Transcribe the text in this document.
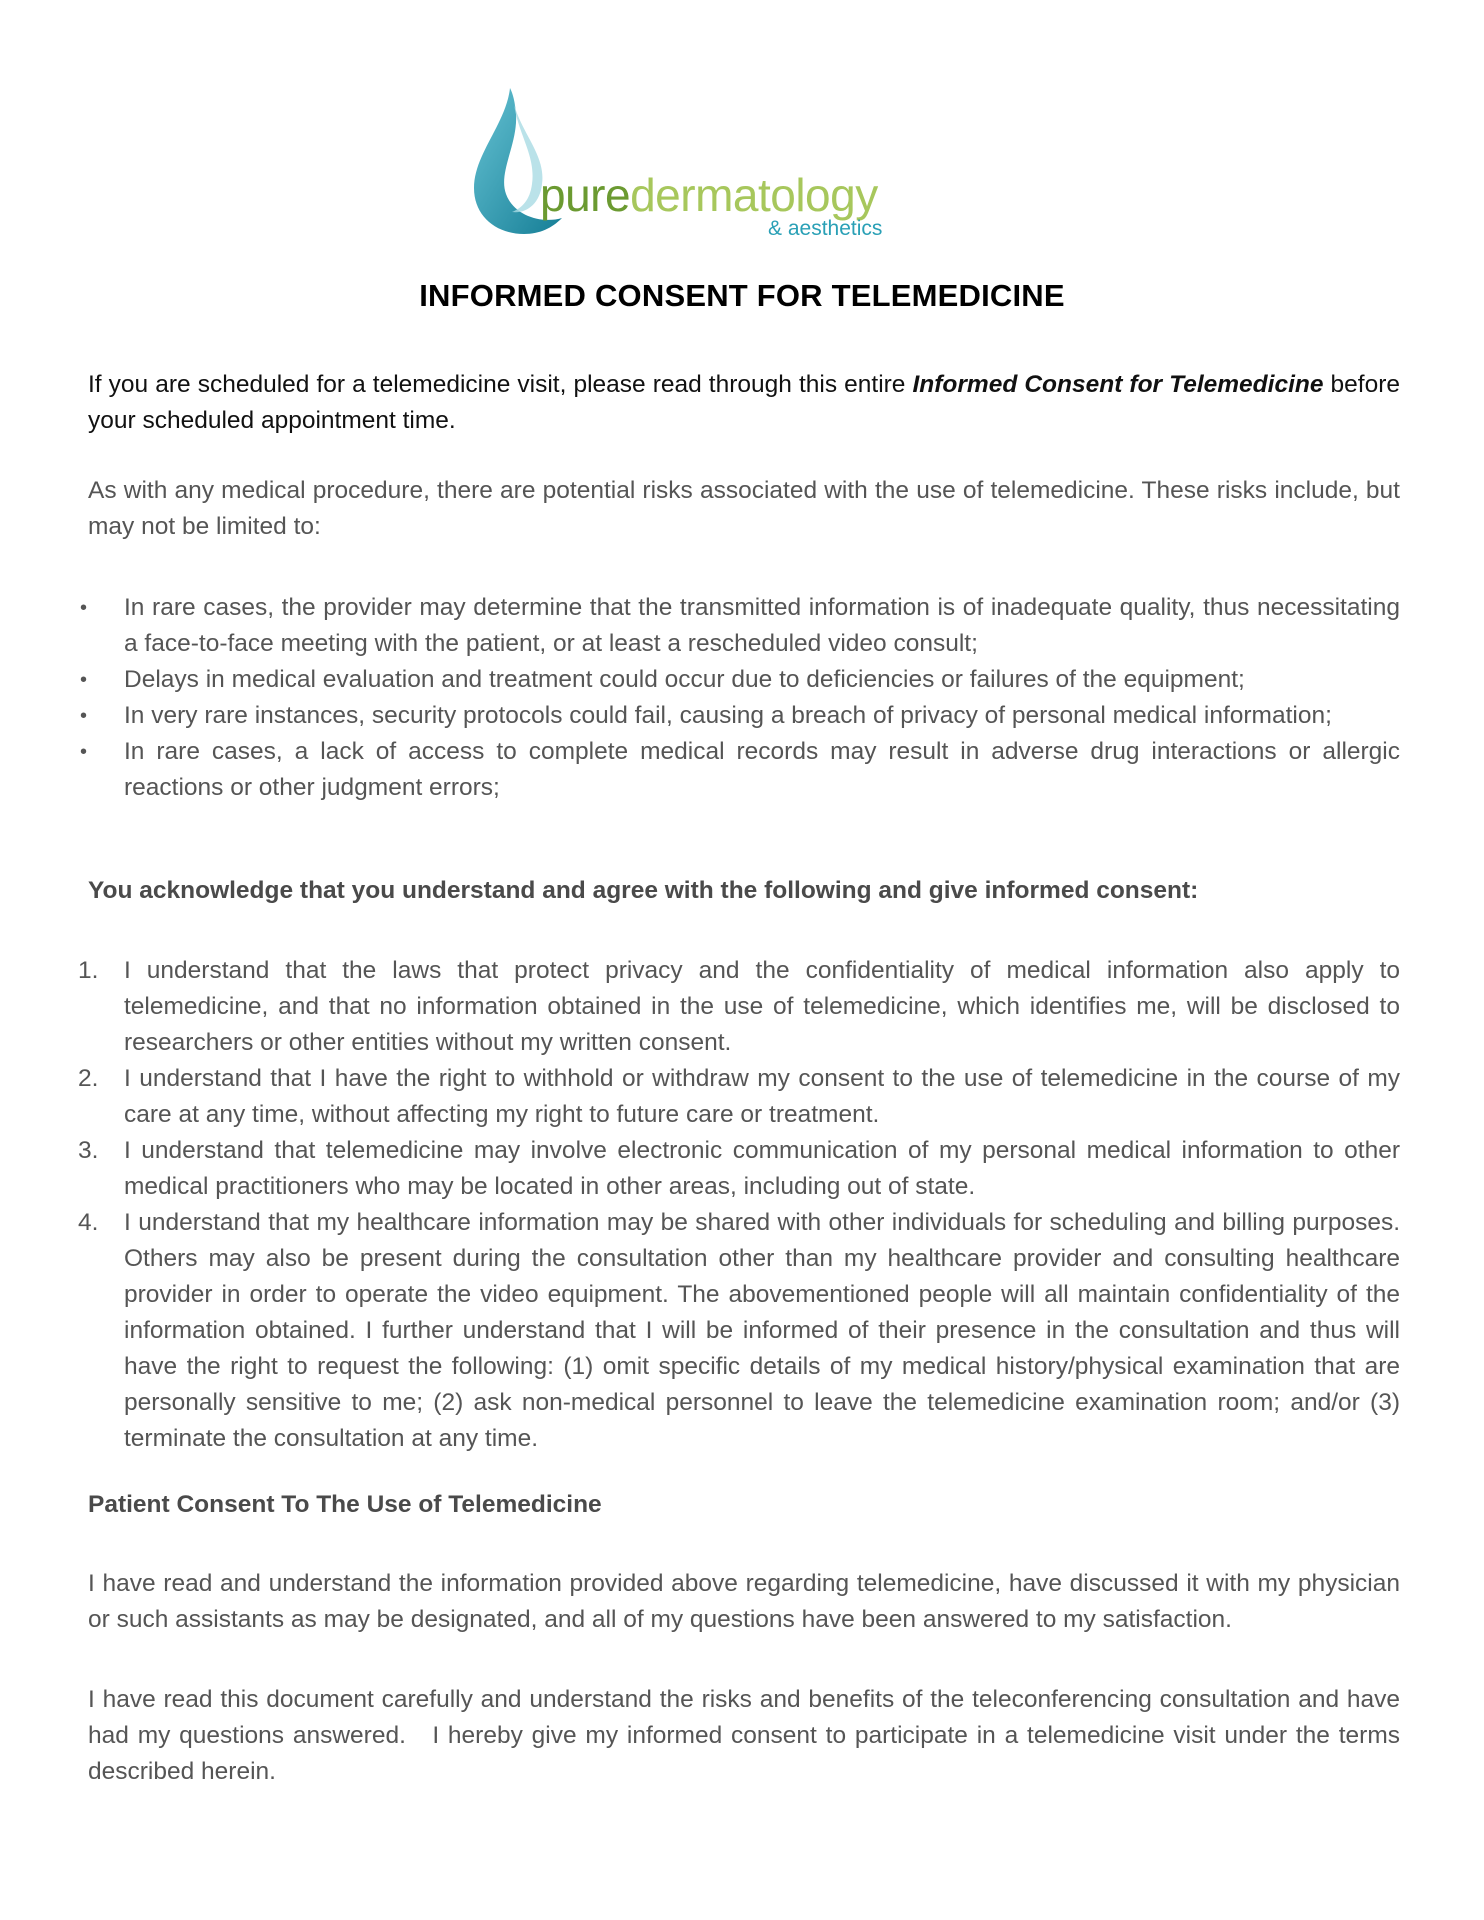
puredermatology
& aesthetics
INFORMED CONSENT FOR TELEMEDICINE

If you are scheduled for a telemedicine visit, please read through this entire Informed Consent for Telemedicine before your scheduled appointment time.

As with any medical procedure, there are potential risks associated with the use of telemedicine. These risks include, but may not be limited to:

• In rare cases, the provider may determine that the transmitted information is of inadequate quality, thus necessitating a face-to-face meeting with the patient, or at least a rescheduled video consult;
• Delays in medical evaluation and treatment could occur due to deficiencies or failures of the equipment;
• In very rare instances, security protocols could fail, causing a breach of privacy of personal medical information;
• In rare cases, a lack of access to complete medical records may result in adverse drug interactions or allergic reactions or other judgment errors;

You acknowledge that you understand and agree with the following and give informed consent:

1. I understand that the laws that protect privacy and the confidentiality of medical information also apply to telemedicine, and that no information obtained in the use of telemedicine, which identifies me, will be disclosed to researchers or other entities without my written consent.
2. I understand that I have the right to withhold or withdraw my consent to the use of telemedicine in the course of my care at any time, without affecting my right to future care or treatment.
3. I understand that telemedicine may involve electronic communication of my personal medical information to other medical practitioners who may be located in other areas, including out of state.
4. I understand that my healthcare information may be shared with other individuals for scheduling and billing purposes. Others may also be present during the consultation other than my healthcare provider and consulting healthcare provider in order to operate the video equipment. The abovementioned people will all maintain confidentiality of the information obtained. I further understand that I will be informed of their presence in the consultation and thus will have the right to request the following: (1) omit specific details of my medical history/physical examination that are personally sensitive to me; (2) ask non-medical personnel to leave the telemedicine examination room; and/or (3) terminate the consultation at any time.

Patient Consent To The Use of Telemedicine

I have read and understand the information provided above regarding telemedicine, have discussed it with my physician or such assistants as may be designated, and all of my questions have been answered to my satisfaction.

I have read this document carefully and understand the risks and benefits of the teleconferencing consultation and have had my questions answered.   I hereby give my informed consent to participate in a telemedicine visit under the terms described herein.
